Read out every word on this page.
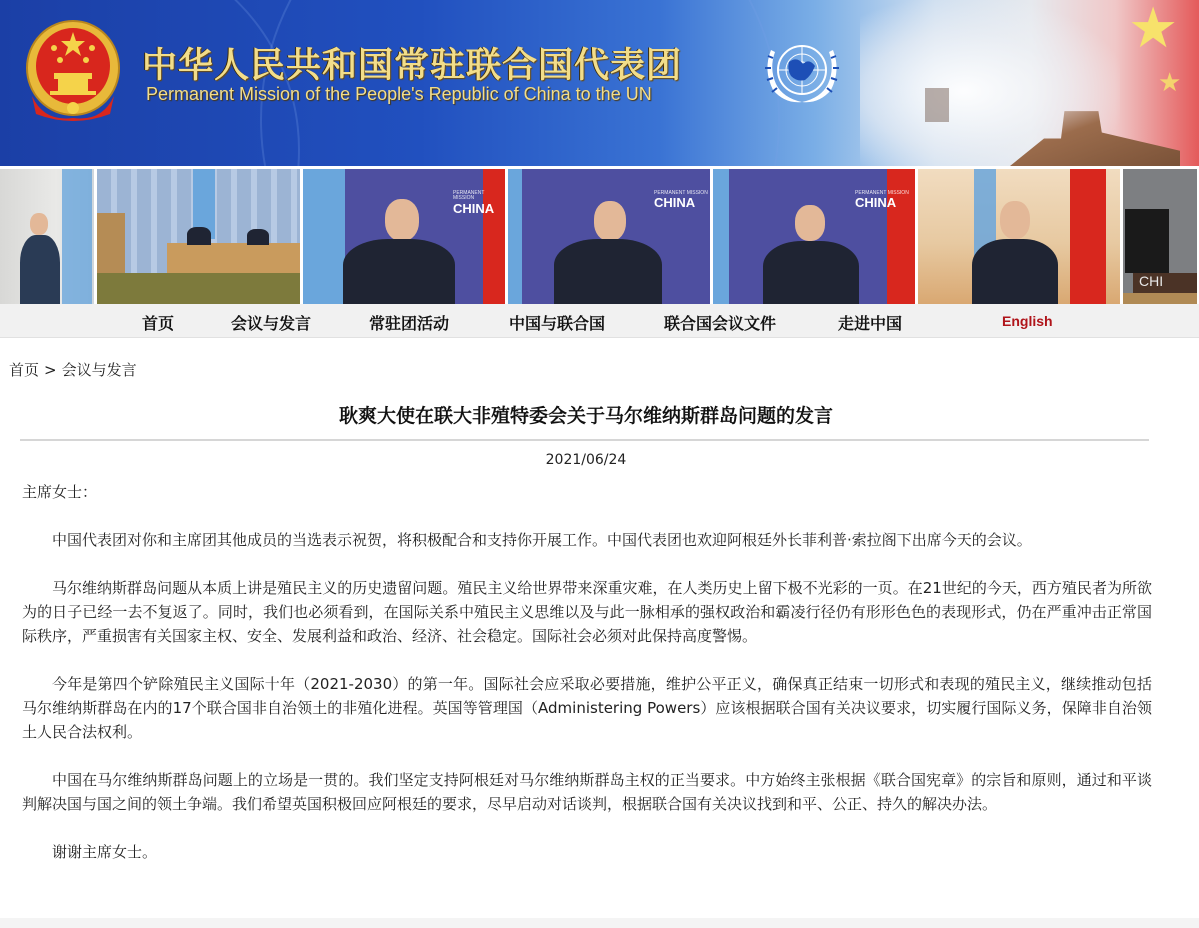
中华人民共和国常驻联合国代表团
Permanent Mission of the People's Republic of China to the UN
★
★
PERMANENT MISSION
CHINA
PERMANENT MISSION
CHINA
PERMANENT MISSION
CHINA
CHI
首页	会议与发言	常驻团活动	中国与联合国	联合国会议文件	走进中国	English
首页 > 会议与发言
耿爽大使在联大非殖特委会关于马尔维纳斯群岛问题的发言
2021/06/24

主席女士：

中国代表团对你和主席团其他成员的当选表示祝贺，将积极配合和支持你开展工作。中国代表团也欢迎阿根廷外长菲利普·索拉阁下出席今天的会议。

马尔维纳斯群岛问题从本质上讲是殖民主义的历史遗留问题。殖民主义给世界带来深重灾难，在人类历史上留下极不光彩的一页。在21世纪的今天，西方殖民者为所欲为的日子已经一去不复返了。同时，我们也必须看到，在国际关系中殖民主义思维以及与此一脉相承的强权政治和霸凌行径仍有形形色色的表现形式，仍在严重冲击正常国际秩序，严重损害有关国家主权、安全、发展利益和政治、经济、社会稳定。国际社会必须对此保持高度警惕。

今年是第四个铲除殖民主义国际十年（2021-2030）的第一年。国际社会应采取必要措施，维护公平正义，确保真正结束一切形式和表现的殖民主义，继续推动包括马尔维纳斯群岛在内的17个联合国非自治领土的非殖化进程。英国等管理国（Administering Powers）应该根据联合国有关决议要求，切实履行国际义务，保障非自治领土人民合法权利。

中国在马尔维纳斯群岛问题上的立场是一贯的。我们坚定支持阿根廷对马尔维纳斯群岛主权的正当要求。中方始终主张根据《联合国宪章》的宗旨和原则，通过和平谈判解决国与国之间的领土争端。我们希望英国积极回应阿根廷的要求，尽早启动对话谈判，根据联合国有关决议找到和平、公正、持久的解决办法。

谢谢主席女士。
